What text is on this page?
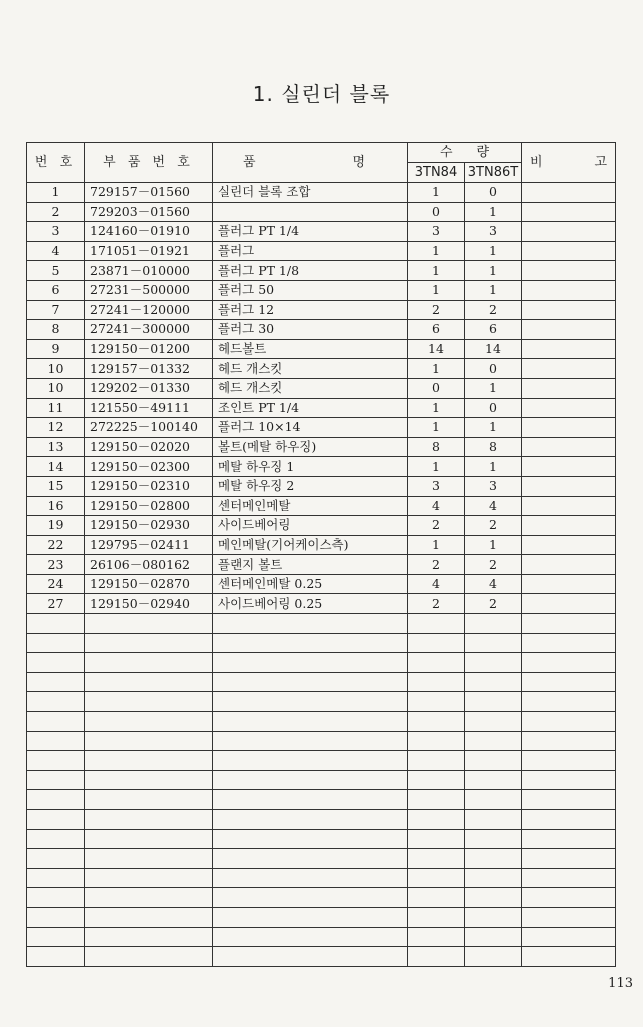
1. 실린더 블록
번 호	부 품 번 호	품 명	수 량		비 고

			3TN84	3TN86T	
1	729157－01560	실린더 블록 조합	1	0	
2	729203－01560		0	1	
3	124160－01910	플러그 PT 1/4	3	3	
4	171051－01921	플러그	1	1	
5	23871－010000	플러그 PT 1/8	1	1	
6	27231－500000	플러그 50	1	1	
7	27241－120000	플러그 12	2	2	
8	27241－300000	플러그 30	6	6	
9	129150－01200	헤드볼트	14	14	
10	129157－01332	헤드 개스킷	1	0	
10	129202－01330	헤드 개스킷	0	1	
11	121550－49111	조인트 PT 1/4	1	0	
12	272225－100140	플러그 10×14	1	1	
13	129150－02020	볼트(메탈 하우징)	8	8	
14	129150－02300	메탈 하우징 1	1	1	
15	129150－02310	메탈 하우징 2	3	3	
16	129150－02800	센터메인메탈	4	4	
19	129150－02930	사이드베어링	2	2	
22	129795－02411	메인메탈(기어케이스측)	1	1	
23	26106－080162	플랜지 볼트	2	2	
24	129150－02870	센터메인메탈 0.25	4	4	
27	129150－02940	사이드베어링 0.25	2	2	

113
